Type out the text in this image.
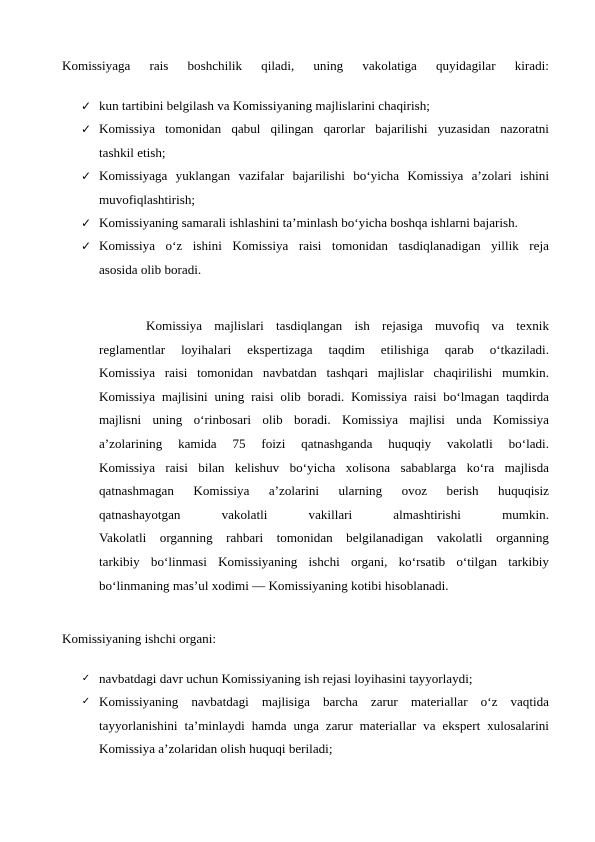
Komissiyaga rais boshchilik qiladi, uning vakolatiga quyidagilar kiradi:
✓ kun tartibini belgilash va Komissiyaning majlislarini chaqirish;
✓ Komissiya tomonidan qabul qilingan qarorlar bajarilishi yuzasidan nazoratni
tashkil etish;
✓ Komissiyaga yuklangan vazifalar bajarilishi bo‘yicha Komissiya a’zolari ishini
muvofiqlashtirish;
✓ Komissiyaning samarali ishlashini ta’minlash bo‘yicha boshqa ishlarni bajarish.
✓ Komissiya o‘z ishini Komissiya raisi tomonidan tasdiqlanadigan yillik reja
asosida olib boradi.
Komissiya majlislari tasdiqlangan ish rejasiga muvofiq va texnik
reglamentlar loyihalari ekspertizaga taqdim etilishiga qarab o‘tkaziladi.
Komissiya raisi tomonidan navbatdan tashqari majlislar chaqirilishi mumkin.
Komissiya majlisini uning raisi olib boradi. Komissiya raisi bo‘lmagan taqdirda
majlisni uning o‘rinbosari olib boradi. Komissiya majlisi unda Komissiya
a’zolarining kamida 75 foizi qatnashganda huquqiy vakolatli bo‘ladi.
Komissiya raisi bilan kelishuv bo‘yicha xolisona sabablarga ko‘ra majlisda
qatnashmagan Komissiya a’zolarini ularning ovoz berish huquqisiz
qatnashayotgan	vakolatli	vakillari	almashtirishi	mumkin.
Vakolatli organning rahbari tomonidan belgilanadigan vakolatli organning
tarkibiy bo‘linmasi Komissiyaning ishchi organi, ko‘rsatib o‘tilgan tarkibiy
bo‘linmaning mas’ul xodimi — Komissiyaning kotibi hisoblanadi.
Komissiyaning ishchi organi:
✓ navbatdagi davr uchun Komissiyaning ish rejasi loyihasini tayyorlaydi;
✓ Komissiyaning navbatdagi majlisiga barcha zarur materiallar o‘z vaqtida
tayyorlanishini ta’minlaydi hamda unga zarur materiallar va ekspert xulosalarini
Komissiya a’zolaridan olish huquqi beriladi;
